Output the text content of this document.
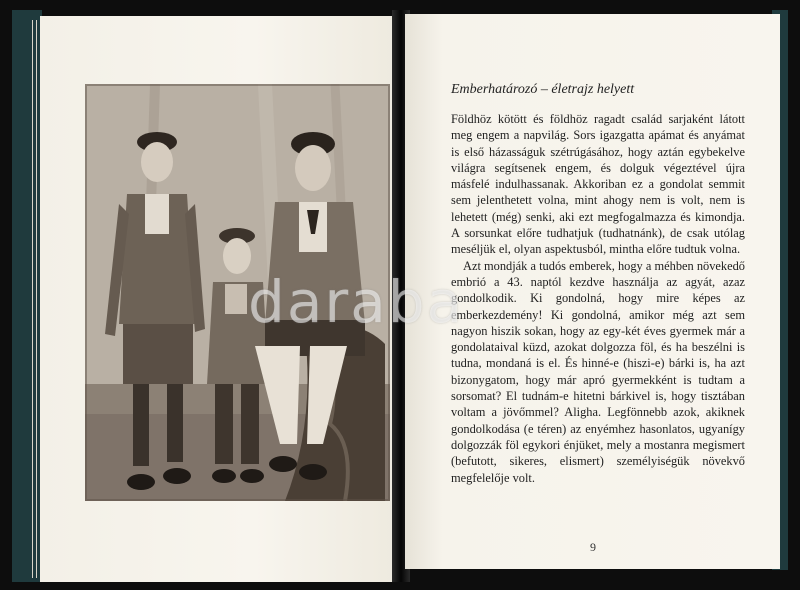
Emberhatározó – életrajz helyett

Földhöz kötött és földhöz ragadt család sarjaként látott meg engem a napvilág. Sors igazgatta apámat és anyámat is első házasságuk szétrúgásához, hogy aztán egybekelve világra segítsenek engem, és dolguk végeztével újra másfelé indulhassanak. Akkoriban ez a gondolat semmit sem jelenthetett volna, mint ahogy nem is volt, nem is lehetett (még) senki, aki ezt megfogalmazza és kimondja. A sorsunkat előre tudhatjuk (tudhatnánk), de csak utólag meséljük el, olyan aspektusból, mintha előre tudtuk volna.

Azt mondják a tudós emberek, hogy a méhben növekedő embrió a 43. naptól kezdve használja az agyát, azaz gondolkodik. Ki gondolná, hogy mire képes az emberkezdemény! Ki gondolná, amikor még azt sem nagyon hiszik sokan, hogy az egy-két éves gyermek már a gondolataival küzd, azokat dolgozza föl, és ha beszélni is tudna, mondaná is el. És hinné-e (hiszi-e) bárki is, ha azt bizonygatom, hogy már apró gyermekként is tudtam a sorsomat? El tudnám-e hitetni bárkivel is, hogy tisztában voltam a jövőmmel? Aligha. Legfönnebb azok, akiknek gondolkodása (e téren) az enyémhez hasonlatos, ugyanígy dolgozzák föl egykori énjüket, mely a mostanra megismert (befutott, sikeres, elismert) személyiségük növekvő megfelelője volt.

9
daraba
